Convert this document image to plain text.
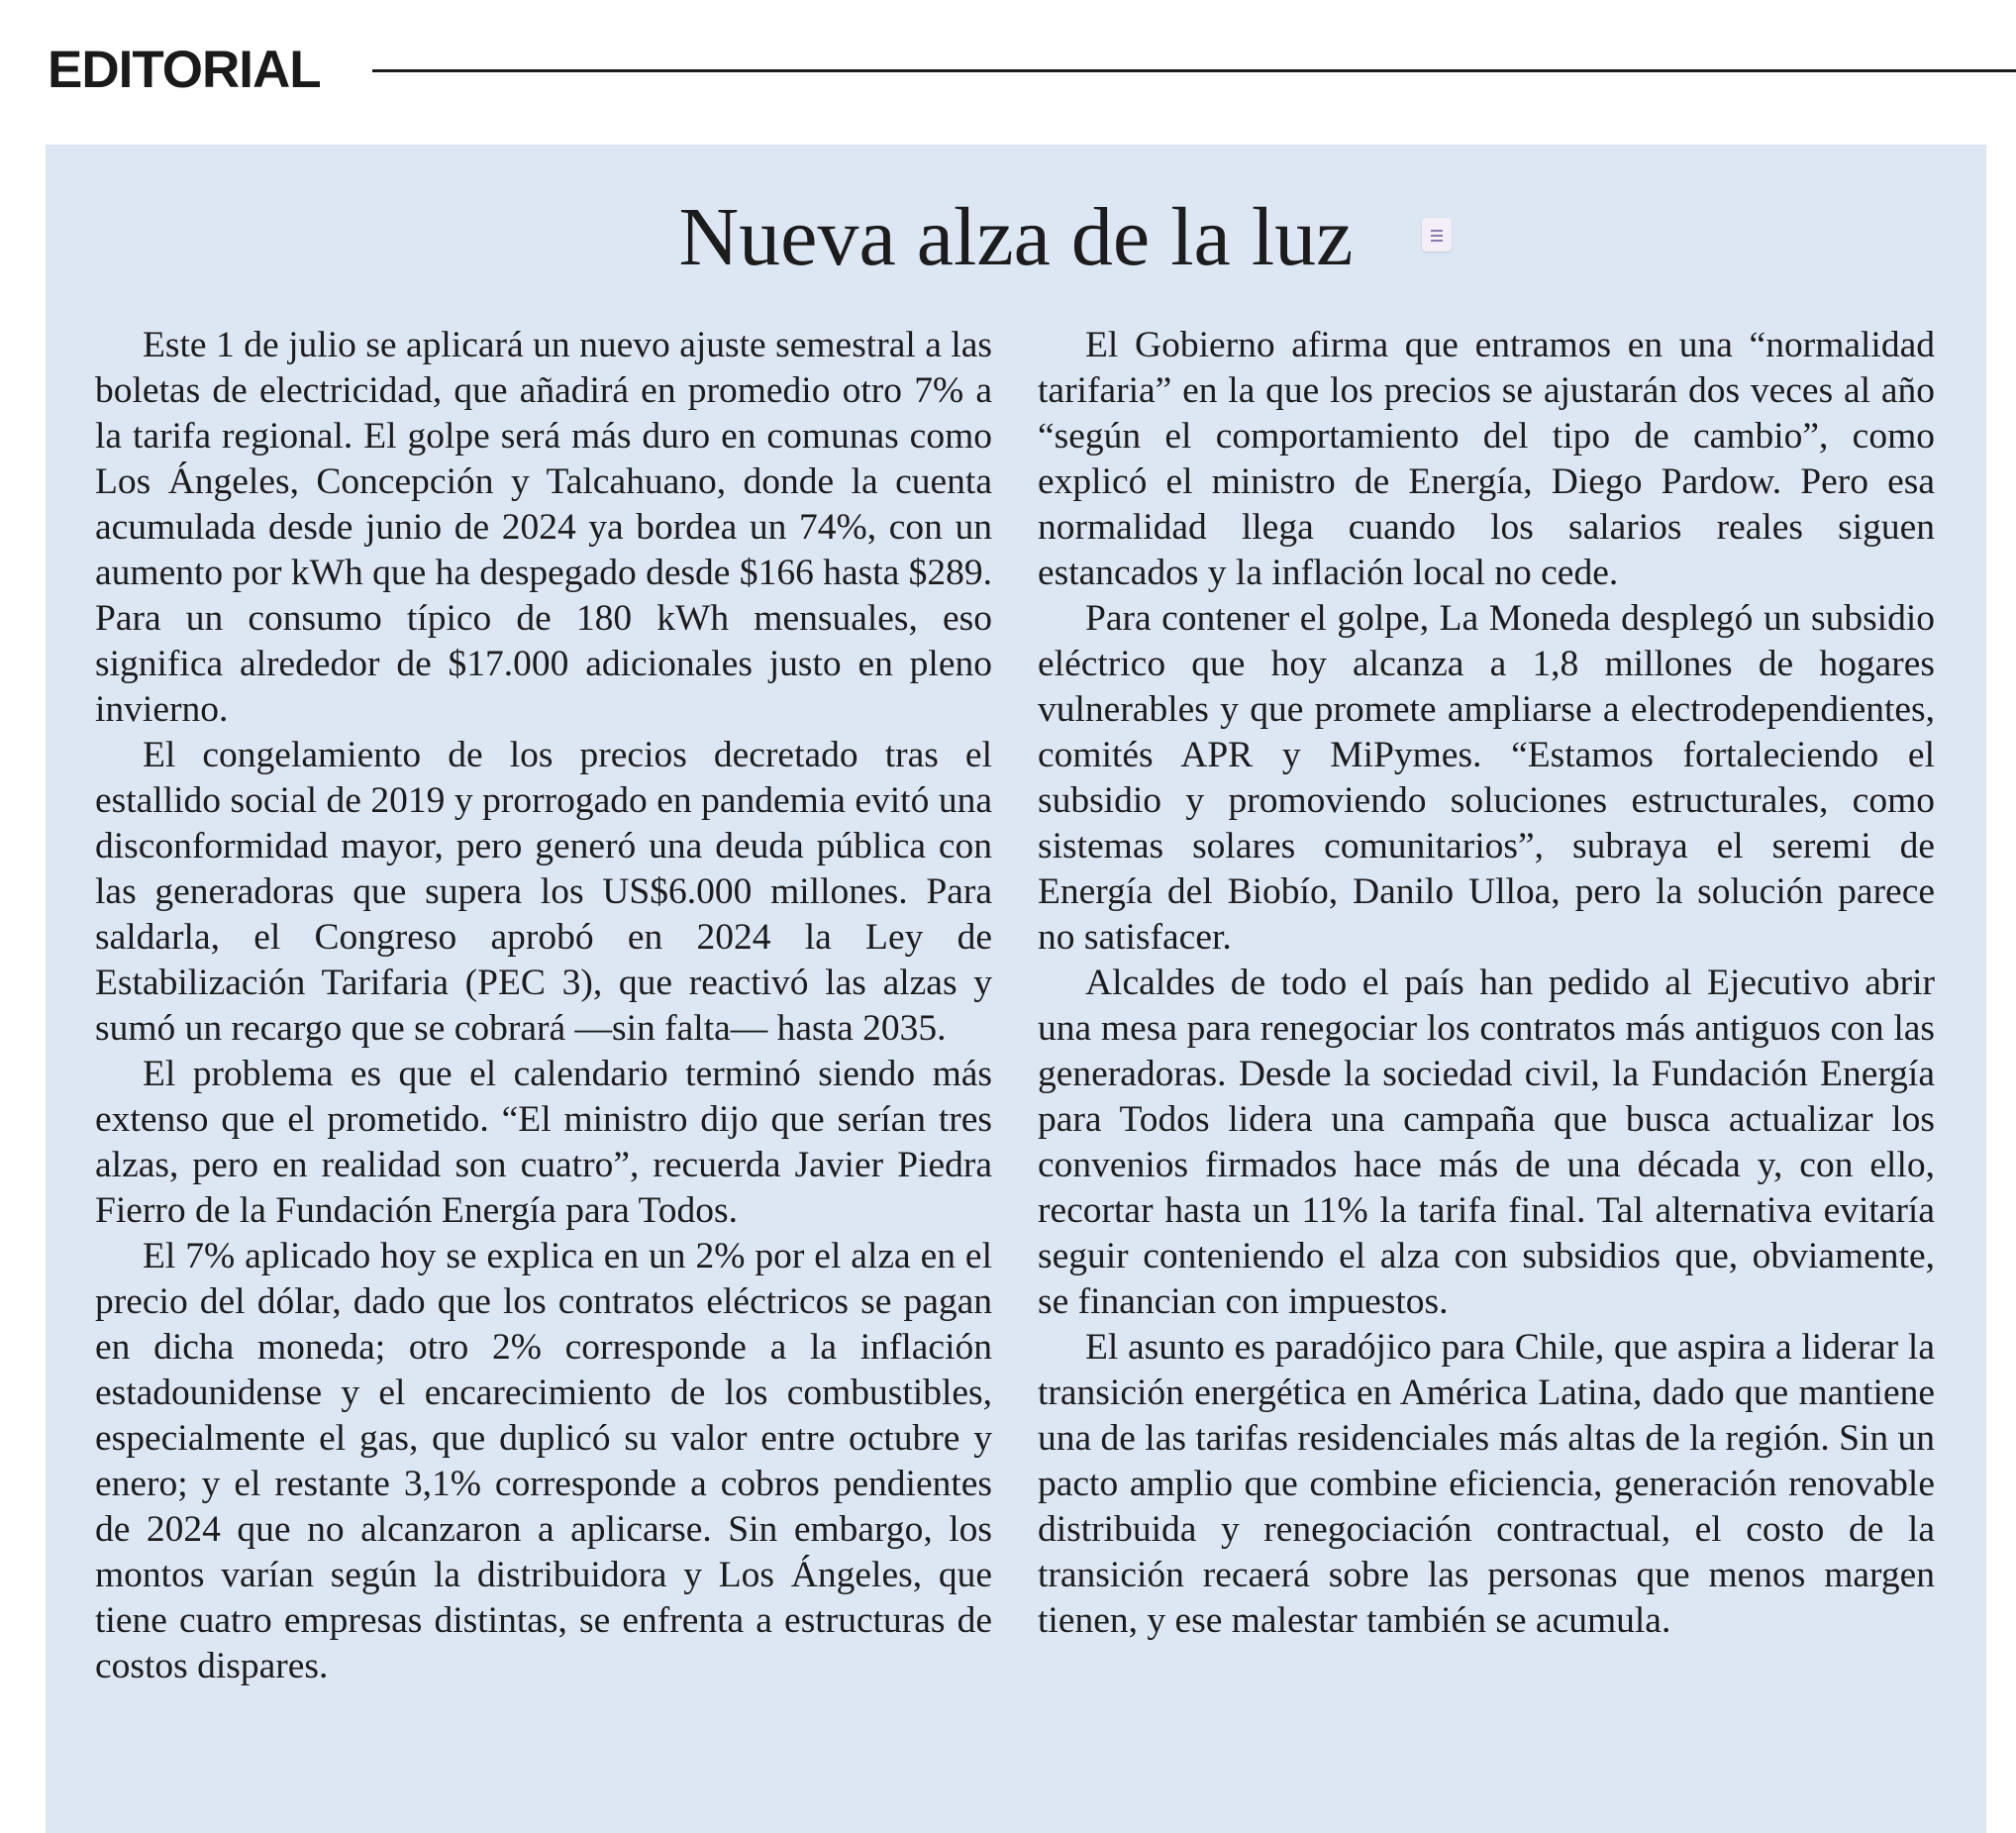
EDITORIAL
Nueva alza de la luz

Este 1 de julio se aplicará un nuevo ajuste semestral a las boletas de electricidad, que añadirá en promedio otro 7% a la tarifa regional. El golpe será más duro en comunas como Los Ángeles, Concepción y Talcahuano, donde la cuenta acumulada desde junio de 2024 ya bordea un 74%, con un aumento por kWh que ha despegado desde $166 hasta $289. Para un consumo típico de 180 kWh mensuales, eso significa alrededor de $17.000 adicionales justo en pleno invierno.

El congelamiento de los precios decretado tras el estallido social de 2019 y prorrogado en pandemia evitó una disconformidad mayor, pero generó una deuda pública con las generadoras que supera los US$6.000 millones. Para saldarla, el Congreso aprobó en 2024 la Ley de Estabilización Tarifaria (PEC 3), que reactivó las alzas y sumó un recargo que se cobrará —sin falta— hasta 2035.

El problema es que el calendario terminó siendo más extenso que el prometido. “El ministro dijo que serían tres alzas, pero en realidad son cuatro”, recuerda Javier Piedra Fierro de la Fundación Energía para Todos.

El 7% aplicado hoy se explica en un 2% por el alza en el precio del dólar, dado que los contratos eléctricos se pagan en dicha moneda; otro 2% corresponde a la inflación estadounidense y el encarecimiento de los combustibles, especialmente el gas, que duplicó su valor entre octubre y enero; y el restante 3,1% corresponde a cobros pendientes de 2024 que no alcanzaron a aplicarse. Sin embargo, los montos varían según la distribuidora y Los Ángeles, que tiene cuatro empresas distintas, se enfrenta a estructuras de costos dispares.

El Gobierno afirma que entramos en una “normalidad tarifaria” en la que los precios se ajustarán dos veces al año “según el comportamiento del tipo de cambio”, como explicó el ministro de Energía, Diego Pardow. Pero esa normalidad llega cuando los salarios reales siguen estancados y la inflación local no cede.

Para contener el golpe, La Moneda desplegó un subsidio eléctrico que hoy alcanza a 1,8 millones de hogares vulnerables y que promete ampliarse a electrodependientes, comités APR y MiPymes. “Estamos fortaleciendo el subsidio y promoviendo soluciones estructurales, como sistemas solares comunitarios”, subraya el seremi de Energía del Biobío, Danilo Ulloa, pero la solución parece no satisfacer.

Alcaldes de todo el país han pedido al Ejecutivo abrir una mesa para renegociar los contratos más antiguos con las generadoras. Desde la sociedad civil, la Fundación Energía para Todos lidera una campaña que busca actualizar los convenios firmados hace más de una década y, con ello, recortar hasta un 11% la tarifa final. Tal alternativa evitaría seguir conteniendo el alza con subsidios que, obviamente, se financian con impuestos.

El asunto es paradójico para Chile, que aspira a liderar la transición energética en América Latina, dado que mantiene una de las tarifas residenciales más altas de la región. Sin un pacto amplio que combine eficiencia, generación renovable distribuida y renegociación contractual, el costo de la transición recaerá sobre las personas que menos margen tienen, y ese malestar también se acumula.
